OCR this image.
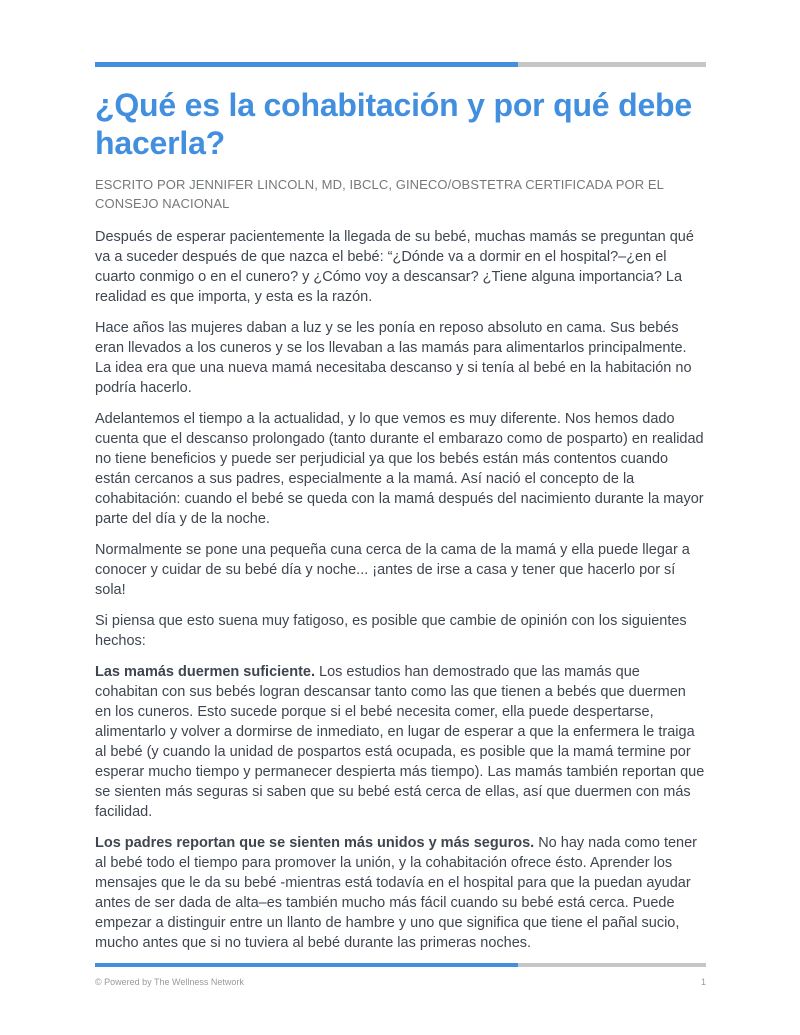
¿Qué es la cohabitación y por qué debe hacerla?
ESCRITO POR JENNIFER LINCOLN, MD, IBCLC, GINECO/OBSTETRA CERTIFICADA POR EL CONSEJO NACIONAL

Después de esperar pacientemente la llegada de su bebé, muchas mamás se preguntan qué va a suceder después de que nazca el bebé: “¿Dónde va a dormir en el hospital?–¿en el cuarto conmigo o en el cunero? y ¿Cómo voy a descansar? ¿Tiene alguna importancia? La realidad es que importa, y esta es la razón.

Hace años las mujeres daban a luz y se les ponía en reposo absoluto en cama. Sus bebés eran llevados a los cuneros y se los llevaban a las mamás para alimentarlos principalmente. La idea era que una nueva mamá necesitaba descanso y si tenía al bebé en la habitación no podría hacerlo.

Adelantemos el tiempo a la actualidad, y lo que vemos es muy diferente. Nos hemos dado cuenta que el descanso prolongado (tanto durante el embarazo como de posparto) en realidad no tiene beneficios y puede ser perjudicial ya que los bebés están más contentos cuando están cercanos a sus padres, especialmente a la mamá. Así nació el concepto de la cohabitación: cuando el bebé se queda con la mamá después del nacimiento durante la mayor parte del día y de la noche.

Normalmente se pone una pequeña cuna cerca de la cama de la mamá y ella puede llegar a conocer y cuidar de su bebé día y noche... ¡antes de irse a casa y tener que hacerlo por sí sola!

Si piensa que esto suena muy fatigoso, es posible que cambie de opinión con los siguientes hechos:

Las mamás duermen suficiente. Los estudios han demostrado que las mamás que cohabitan con sus bebés logran descansar tanto como las que tienen a bebés que duermen en los cuneros. Esto sucede porque si el bebé necesita comer, ella puede despertarse, alimentarlo y volver a dormirse de inmediato, en lugar de esperar a que la enfermera le traiga al bebé (y cuando la unidad de pospartos está ocupada, es posible que la mamá termine por esperar mucho tiempo y permanecer despierta más tiempo). Las mamás también reportan que se sienten más seguras si saben que su bebé está cerca de ellas, así que duermen con más facilidad.

Los padres reportan que se sienten más unidos y más seguros. No hay nada como tener al bebé todo el tiempo para promover la unión, y la cohabitación ofrece ésto. Aprender los mensajes que le da su bebé -mientras está todavía en el hospital para que la puedan ayudar antes de ser dada de alta–es también mucho más fácil cuando su bebé está cerca. Puede empezar a distinguir entre un llanto de hambre y uno que significa que tiene el pañal sucio, mucho antes que si no tuviera al bebé durante las primeras noches.

© Powered by The Wellness Network	1
